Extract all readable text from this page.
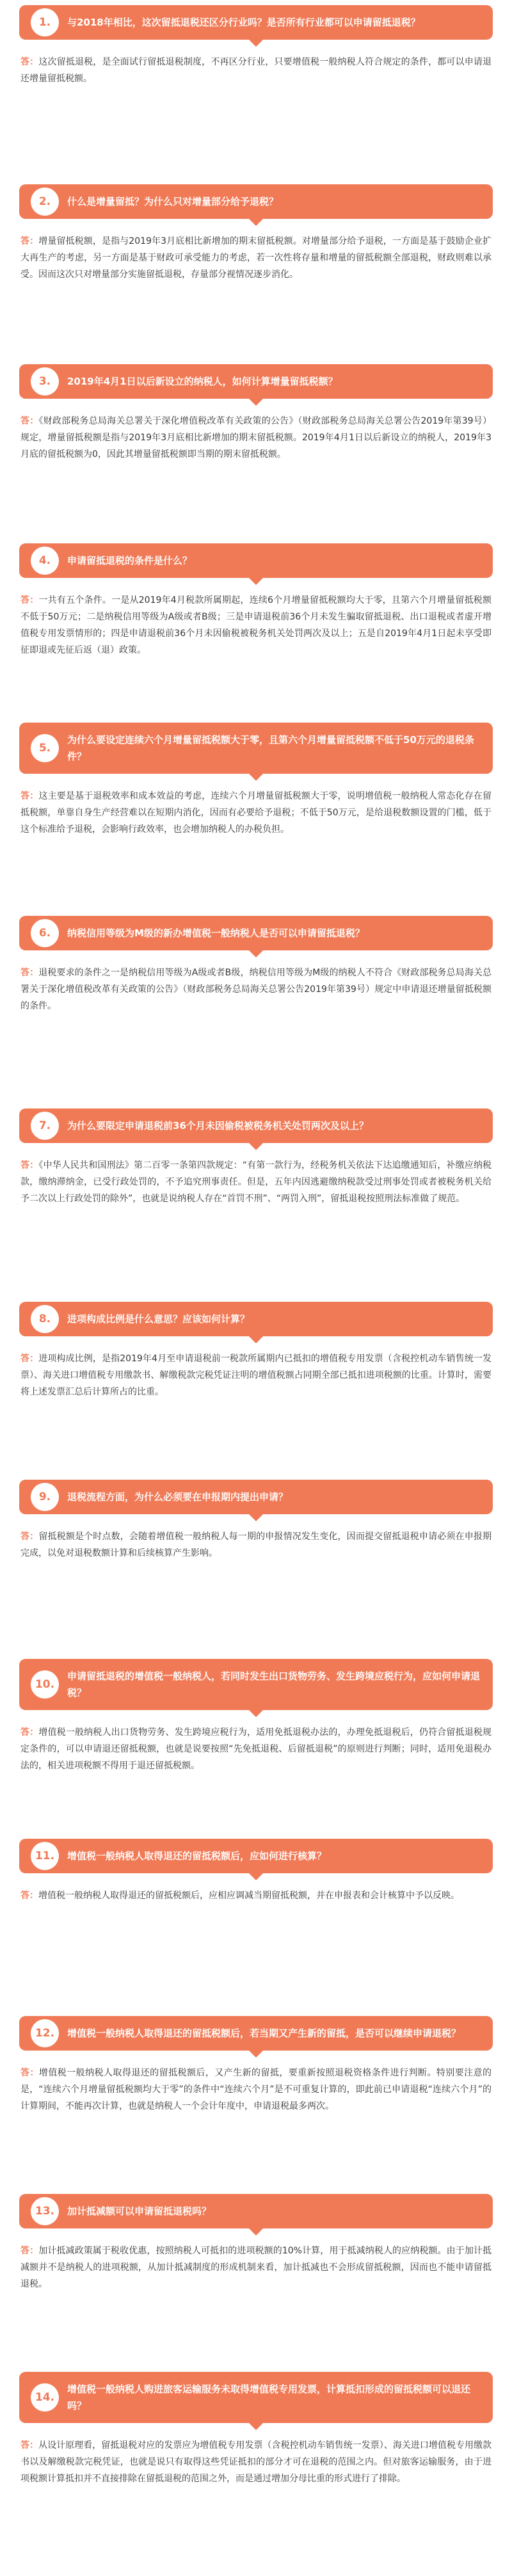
1.	与2018年相比，这次留抵退税还区分行业吗？是否所有行业都可以申请留抵退税？
答：这次留抵退税，是全面试行留抵退税制度，不再区分行业，只要增值税一般纳税人符合规定的条件，都可以申请退还增量留抵税额。
2.	什么是增量留抵？为什么只对增量部分给予退税？
答：增量留抵税额，是指与2019年3月底相比新增加的期末留抵税额。对增量部分给予退税，一方面是基于鼓励企业扩大再生产的考虑，另一方面是基于财政可承受能力的考虑，若一次性将存量和增量的留抵税额全部退税，财政则难以承受。因而这次只对增量部分实施留抵退税，存量部分视情况逐步消化。
3.	2019年4月1日以后新设立的纳税人，如何计算增量留抵税额？
答：《财政部税务总局海关总署关于深化增值税改革有关政策的公告》（财政部税务总局海关总署公告2019年第39号）规定，增量留抵税额是指与2019年3月底相比新增加的期末留抵税额。2019年4月1日以后新设立的纳税人，2019年3月底的留抵税额为0，因此其增量留抵税额即当期的期末留抵税额。
4.	申请留抵退税的条件是什么？
答：一共有五个条件。一是从2019年4月税款所属期起，连续6个月增量留抵税额均大于零，且第六个月增量留抵税额不低于50万元；二是纳税信用等级为A级或者B级；三是申请退税前36个月未发生骗取留抵退税、出口退税或者虚开增值税专用发票情形的；四是申请退税前36个月未因偷税被税务机关处罚两次及以上；五是自2019年4月1日起未享受即征即退或先征后返（退）政策。
5.
为什么要设定连续六个月增量留抵税额大于零，且第六个月增量留抵税额不低于50万元的退税条件？
答：这主要是基于退税效率和成本效益的考虑，连续六个月增量留抵税额大于零，说明增值税一般纳税人常态化存在留抵税额，单靠自身生产经营难以在短期内消化，因而有必要给予退税；不低于50万元，是给退税数额设置的门槛，低于这个标准给予退税，会影响行政效率，也会增加纳税人的办税负担。
6.	纳税信用等级为M级的新办增值税一般纳税人是否可以申请留抵退税？
答：退税要求的条件之一是纳税信用等级为A级或者B级，纳税信用等级为M级的纳税人不符合《财政部税务总局海关总署关于深化增值税改革有关政策的公告》（财政部税务总局海关总署公告2019年第39号）规定中申请退还增量留抵税额的条件。
7.	为什么要限定申请退税前36个月未因偷税被税务机关处罚两次及以上？
答：《中华人民共和国刑法》第二百零一条第四款规定：“有第一款行为，经税务机关依法下达追缴通知后，补缴应纳税款，缴纳滞纳金，已受行政处罚的，不予追究刑事责任。但是，五年内因逃避缴纳税款受过刑事处罚或者被税务机关给予二次以上行政处罚的除外”，也就是说纳税人存在“首罚不刑”、“两罚入刑”，留抵退税按照刑法标准做了规范。
8.	进项构成比例是什么意思？应该如何计算？
答：进项构成比例，是指2019年4月至申请退税前一税款所属期内已抵扣的增值税专用发票（含税控机动车销售统一发票）、海关进口增值税专用缴款书、解缴税款完税凭证注明的增值税额占同期全部已抵扣进项税额的比重。计算时，需要将上述发票汇总后计算所占的比重。
9.	退税流程方面，为什么必须要在申报期内提出申请？
答：留抵税额是个时点数，会随着增值税一般纳税人每一期的申报情况发生变化，因而提交留抵退税申请必须在申报期完成，以免对退税数额计算和后续核算产生影响。
10.
申请留抵退税的增值税一般纳税人，若同时发生出口货物劳务、发生跨境应税行为，应如何申请退税？
答：增值税一般纳税人出口货物劳务、发生跨境应税行为，适用免抵退税办法的，办理免抵退税后，仍符合留抵退税规定条件的，可以申请退还留抵税额，也就是说要按照“先免抵退税、后留抵退税”的原则进行判断；同时，适用免退税办法的，相关进项税额不得用于退还留抵税额。
11.	增值税一般纳税人取得退还的留抵税额后，应如何进行核算？
答：增值税一般纳税人取得退还的留抵税额后，应相应调减当期留抵税额，并在申报表和会计核算中予以反映。
12.	增值税一般纳税人取得退还的留抵税额后，若当期又产生新的留抵，是否可以继续申请退税？
答：增值税一般纳税人取得退还的留抵税额后，又产生新的留抵，要重新按照退税资格条件进行判断。特别要注意的是，“连续六个月增量留抵税额均大于零”的条件中“连续六个月”是不可重复计算的，即此前已申请退税“连续六个月”的计算期间，不能再次计算，也就是纳税人一个会计年度中，申请退税最多两次。
13.	加计抵减额可以申请留抵退税吗？
答：加计抵减政策属于税收优惠，按照纳税人可抵扣的进项税额的10%计算，用于抵减纳税人的应纳税额。由于加计抵减额并不是纳税人的进项税额，从加计抵减制度的形成机制来看，加计抵减也不会形成留抵税额，因而也不能申请留抵退税。
14.
增值税一般纳税人购进旅客运输服务未取得增值税专用发票，计算抵扣形成的留抵税额可以退还吗？
答：从设计原理看，留抵退税对应的发票应为增值税专用发票（含税控机动车销售统一发票）、海关进口增值税专用缴款书以及解缴税款完税凭证，也就是说只有取得这些凭证抵扣的部分才可在退税的范围之内。但对旅客运输服务，由于进项税额计算抵扣并不直接排除在留抵退税的范围之外，而是通过增加分母比重的形式进行了排除。
